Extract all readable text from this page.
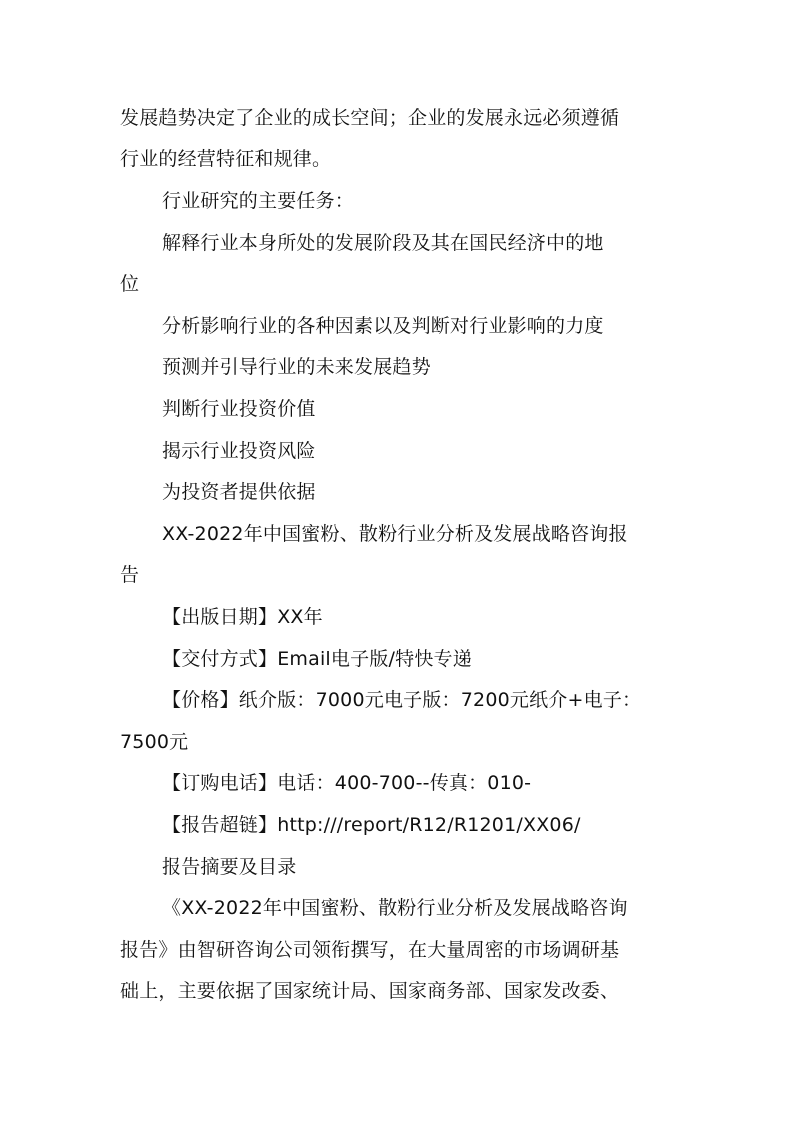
发展趋势决定了企业的成长空间；企业的发展永远必须遵循
行业的经营特征和规律。
行业研究的主要任务：
解释行业本身所处的发展阶段及其在国民经济中的地
位
分析影响行业的各种因素以及判断对行业影响的力度
预测并引导行业的未来发展趋势
判断行业投资价值
揭示行业投资风险
为投资者提供依据
XX-2022年中国蜜粉、散粉行业分析及发展战略咨询报
告
【出版日期】XX年
【交付方式】Email电子版/特快专递
【价格】纸介版：7000元电子版：7200元纸介+电子：
7500元
【订购电话】电话：400-700--传真：010-
【报告超链】http:///report/R12/R1201/XX06/
报告摘要及目录
《XX-2022年中国蜜粉、散粉行业分析及发展战略咨询
报告》由智研咨询公司领衔撰写，在大量周密的市场调研基
础上，主要依据了国家统计局、国家商务部、国家发改委、
